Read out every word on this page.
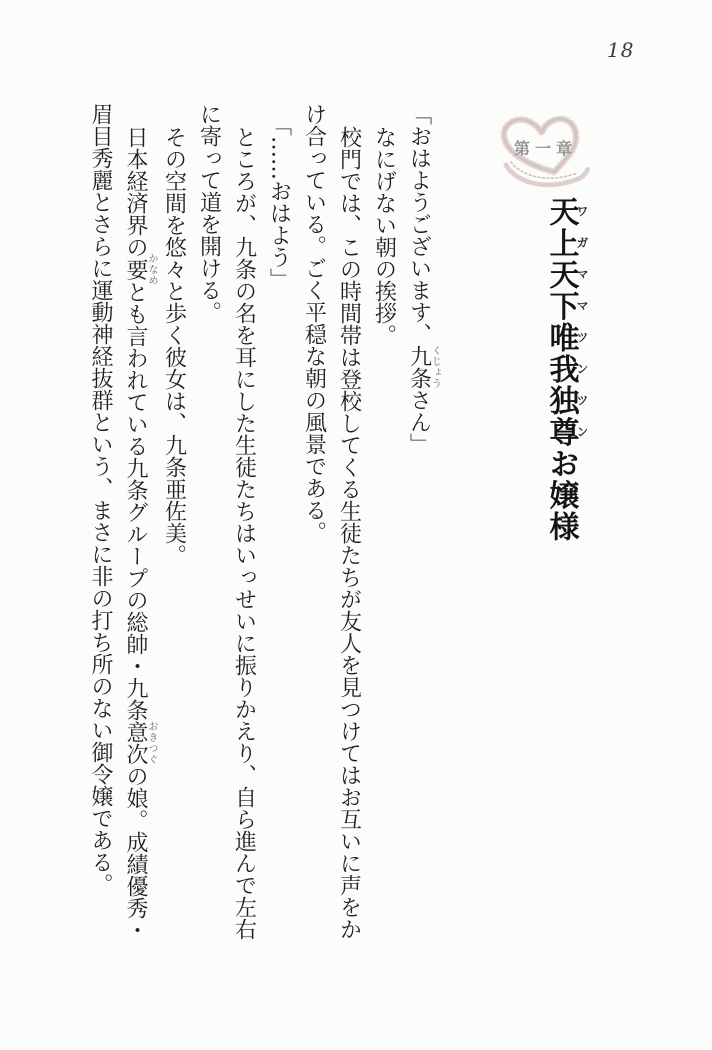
18
第一章
天上天下唯我独尊ワガママツンツンお嬢様
「おはようございます、九条くじょうさん」
なにげない朝の挨拶。
校門では、この時間帯は登校してくる生徒たちが友人を見つけてはお互いに声をか
け合っている。ごく平穏な朝の風景である。
「……おはよう」
ところが、九条の名を耳にした生徒たちはいっせいに振りかえり、自ら進んで左右
に寄って道を開ける。
その空間を悠々と歩く彼女は、九条亜佐美。
日本経済界の要かなめとも言われている九条グループの総帥・九条意次おきつぐの娘。成績優秀・
眉目秀麗とさらに運動神経抜群という、まさに非の打ち所のない御令嬢である。
